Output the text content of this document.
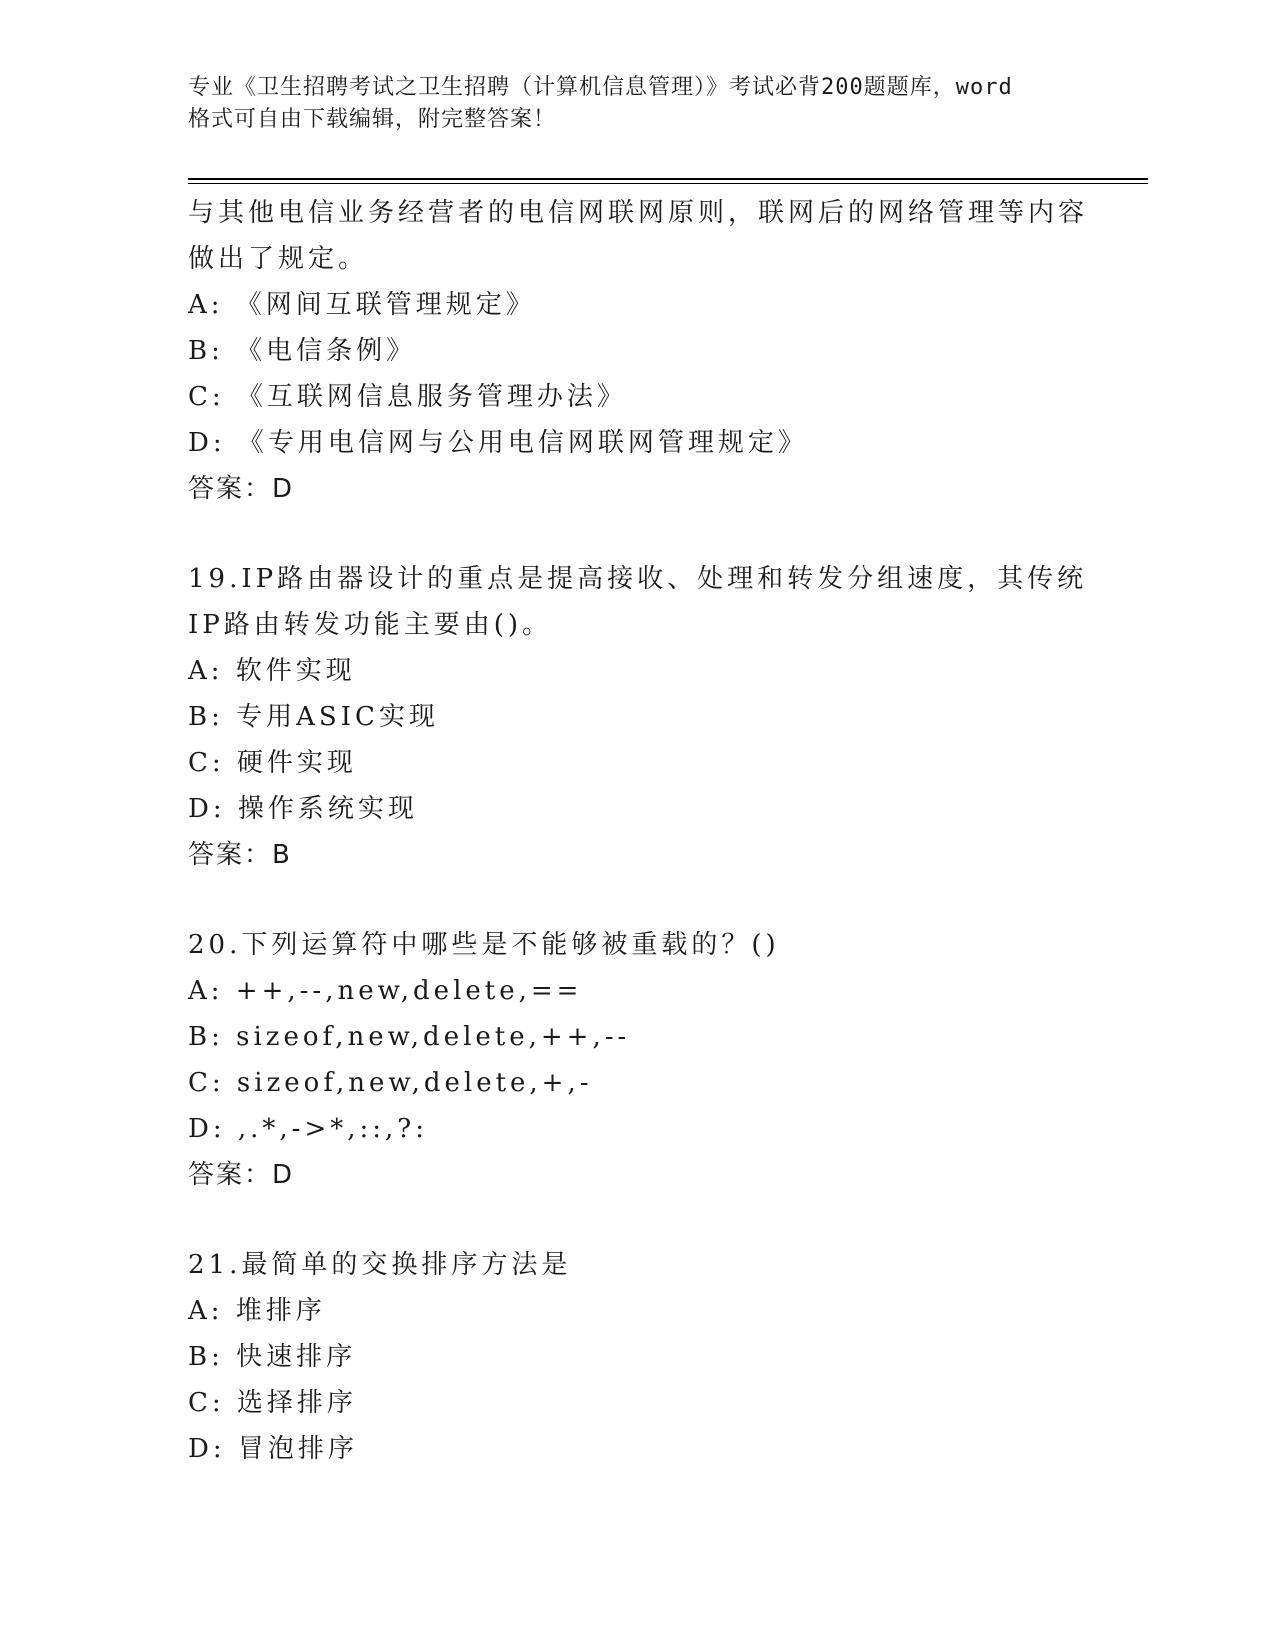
专业《卫生招聘考试之卫生招聘（计算机信息管理）》考试必背200题题库，word
格式可自由下载编辑，附完整答案！
与其他电信业务经营者的电信网联网原则，联网后的网络管理等内容
做出了规定。
A: 《网间互联管理规定》
B: 《电信条例》
C: 《互联网信息服务管理办法》
D: 《专用电信网与公用电信网联网管理规定》
答案：D
19.IP路由器设计的重点是提高接收、处理和转发分组速度，其传统
IP路由转发功能主要由()。
A: 软件实现
B: 专用ASIC实现
C: 硬件实现
D: 操作系统实现
答案：B
20.下列运算符中哪些是不能够被重载的？()
A: ++,--,new,delete,==
B: sizeof,new,delete,++,--
C: sizeof,new,delete,+,-
D: ,.*,->*,::,?:
答案：D
21.最简单的交换排序方法是
A: 堆排序
B: 快速排序
C: 选择排序
D: 冒泡排序
